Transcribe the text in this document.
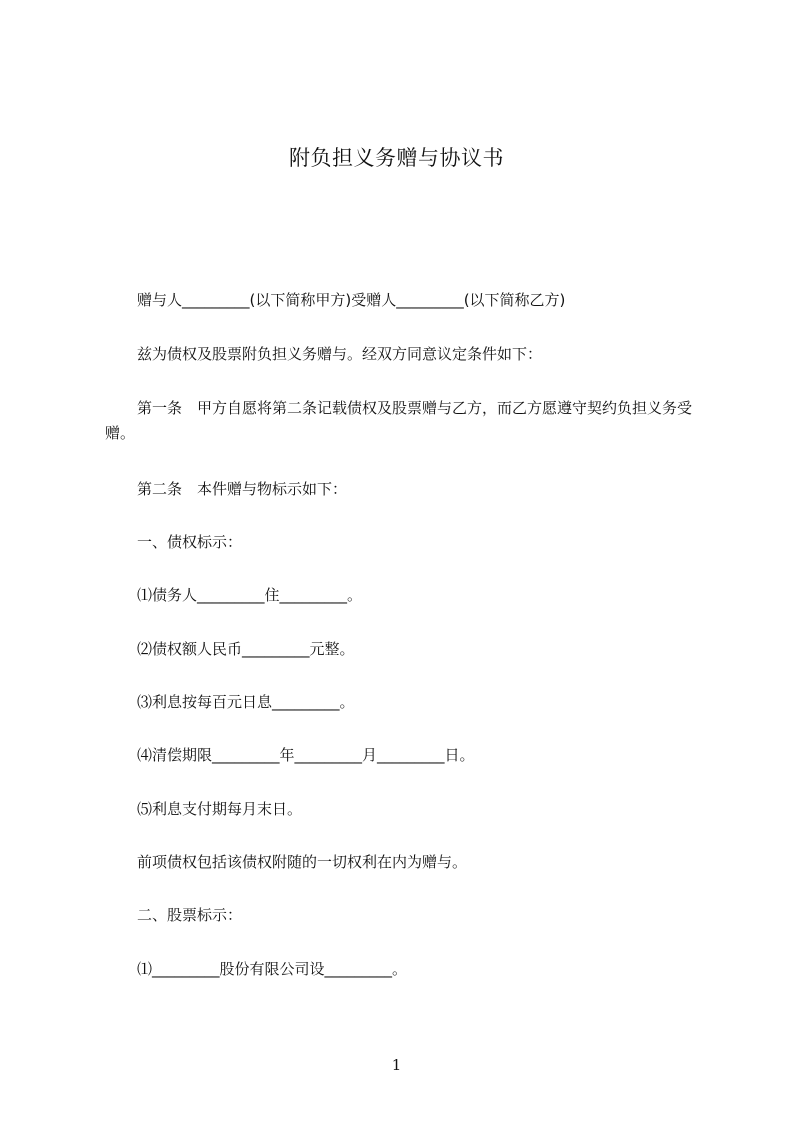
附负担义务赠与协议书
赠与人_________(以下简称甲方)受赠人_________(以下简称乙方)
兹为债权及股票附负担义务赠与。经双方同意议定条件如下：
第一条　甲方自愿将第二条记载债权及股票赠与乙方，而乙方愿遵守契约负担义务受赠。
第二条　本件赠与物标示如下：
一、债权标示：
⑴债务人_________住_________。
⑵债权额人民币_________元整。
⑶利息按每百元日息_________。
⑷清偿期限_________年_________月_________日。
⑸利息支付期每月末日。
前项债权包括该债权附随的一切权利在内为赠与。
二、股票标示：
⑴_________股份有限公司设_________。
1
